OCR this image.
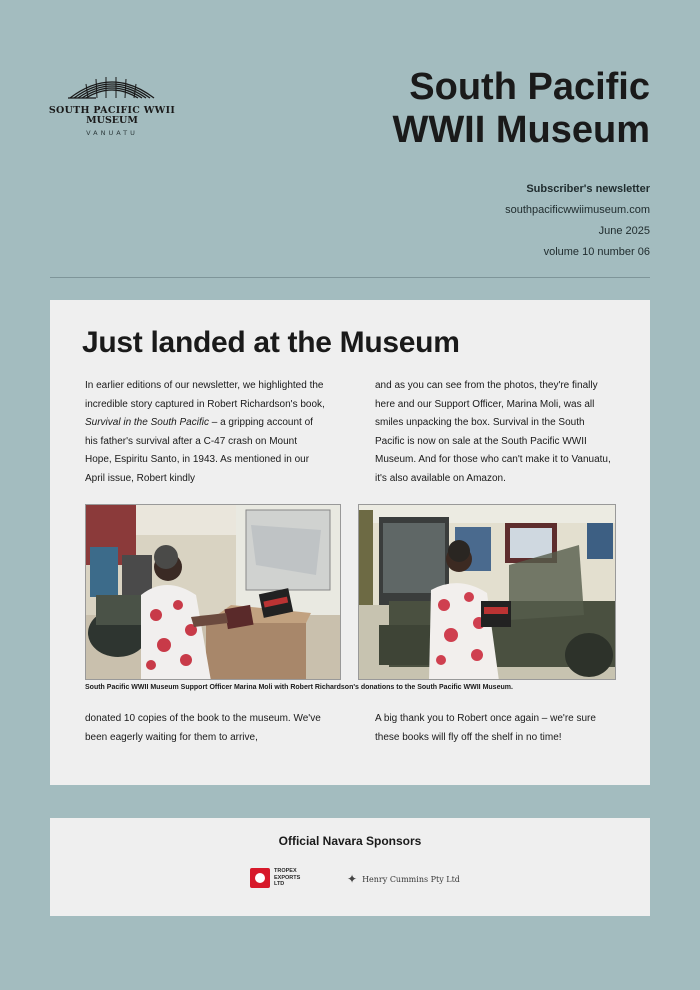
SOUTH PACIFIC WWII
MUSEUM
VANUATU
South Pacific
WWII Museum
Subscriber's newsletter
southpacificwwiimuseum.com
June 2025
volume 10 number 06
Just landed at the Museum
In earlier editions of our newsletter, we highlighted the incredible story captured in Robert Richardson's book, Survival in the South Pacific – a gripping account of his father's survival after a C-47 crash on Mount Hope, Espiritu Santo, in 1943. As mentioned in our April issue, Robert kindly
and as you can see from the photos, they're finally here and our Support Officer, Marina Moli, was all smiles unpacking the box. Survival in the South Pacific is now on sale at the South Pacific WWII Museum. And for those who can't make it to Vanuatu, it's also available on Amazon.
South Pacific WWII Museum Support Officer Marina Moli with Robert Richardson's donations to the South Pacific WWII Museum.
donated 10 copies of the book to the museum. We've been eagerly waiting for them to arrive,
A big thank you to Robert once again – we're sure these books will fly off the shelf in no time!
Official Navara Sponsors
TROPEX
EXPORTS
LTD	✦ Henry Cummins Pty Ltd
